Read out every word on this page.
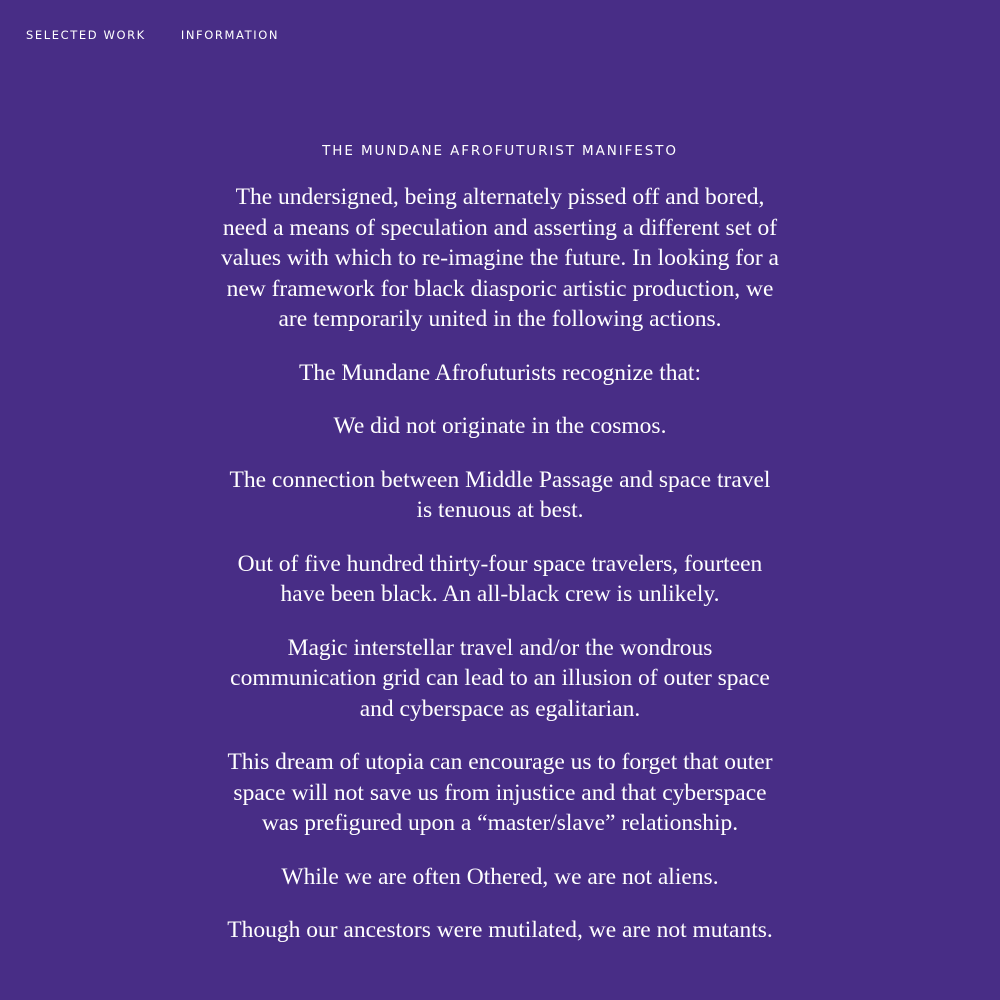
SELECTED WORK	INFORMATION
THE MUNDANE AFROFUTURIST MANIFESTO

The undersigned, being alternately pissed off and bored, need a means of speculation and asserting a different set of values with which to re-imagine the future. In looking for a new framework for black diasporic artistic production, we are temporarily united in the following actions.

The Mundane Afrofuturists recognize that:

We did not originate in the cosmos.

The connection between Middle Passage and space travel is tenuous at best.

Out of five hundred thirty-four space travelers, fourteen have been black. An all-black crew is unlikely.

Magic interstellar travel and/or the wondrous communication grid can lead to an illusion of outer space and cyberspace as egalitarian.

This dream of utopia can encourage us to forget that outer space will not save us from injustice and that cyberspace was prefigured upon a “master/slave” relationship.

While we are often Othered, we are not aliens.

Though our ancestors were mutilated, we are not mutants.
